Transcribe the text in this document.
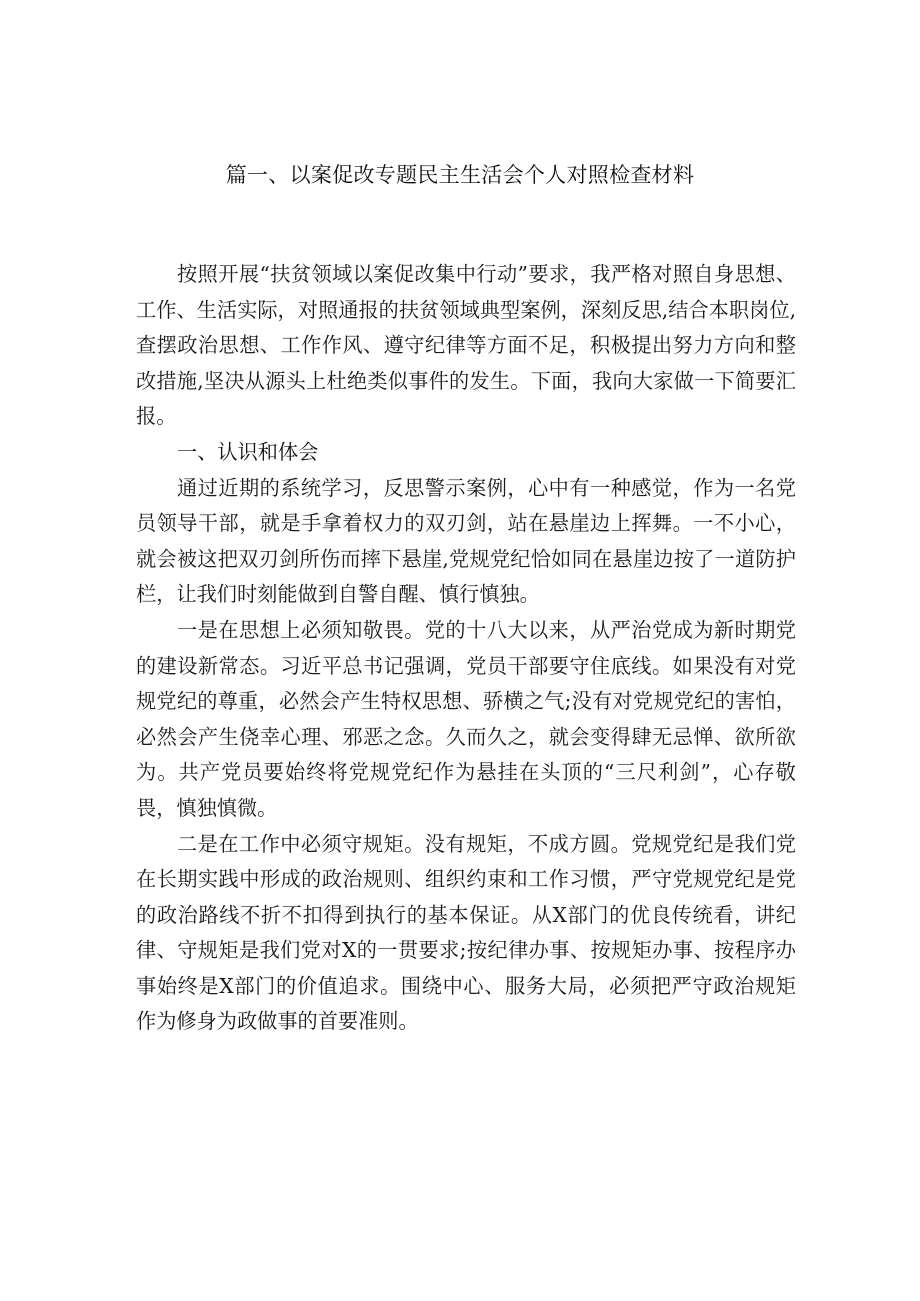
篇一、以案促改专题民主生活会个人对照检查材料

按照开展“扶贫领域以案促改集中行动”要求，我严格对照自身思想、工作、生活实际，对照通报的扶贫领域典型案例，深刻反思,结合本职岗位,查摆政治思想、工作作风、遵守纪律等方面不足，积极提出努力方向和整改措施,坚决从源头上杜绝类似事件的发生。下面，我向大家做一下简要汇报。

一、认识和体会

通过近期的系统学习，反思警示案例，心中有一种感觉，作为一名党员领导干部，就是手拿着权力的双刃剑，站在悬崖边上挥舞。一不小心，就会被这把双刃剑所伤而摔下悬崖,党规党纪恰如同在悬崖边按了一道防护栏，让我们时刻能做到自警自醒、慎行慎独。

一是在思想上必须知敬畏。党的十八大以来，从严治党成为新时期党的建设新常态。习近平总书记强调，党员干部要守住底线。如果没有对党规党纪的尊重，必然会产生特权思想、骄横之气;没有对党规党纪的害怕，必然会产生侥幸心理、邪恶之念。久而久之，就会变得肆无忌惮、欲所欲为。共产党员要始终将党规党纪作为悬挂在头顶的“三尺利剑”，心存敬畏，慎独慎微。

二是在工作中必须守规矩。没有规矩，不成方圆。党规党纪是我们党在长期实践中形成的政治规则、组织约束和工作习惯，严守党规党纪是党的政治路线不折不扣得到执行的基本保证。从X部门的优良传统看，讲纪律、守规矩是我们党对X的一贯要求;按纪律办事、按规矩办事、按程序办事始终是X部门的价值追求。围绕中心、服务大局，必须把严守政治规矩作为修身为政做事的首要准则。
